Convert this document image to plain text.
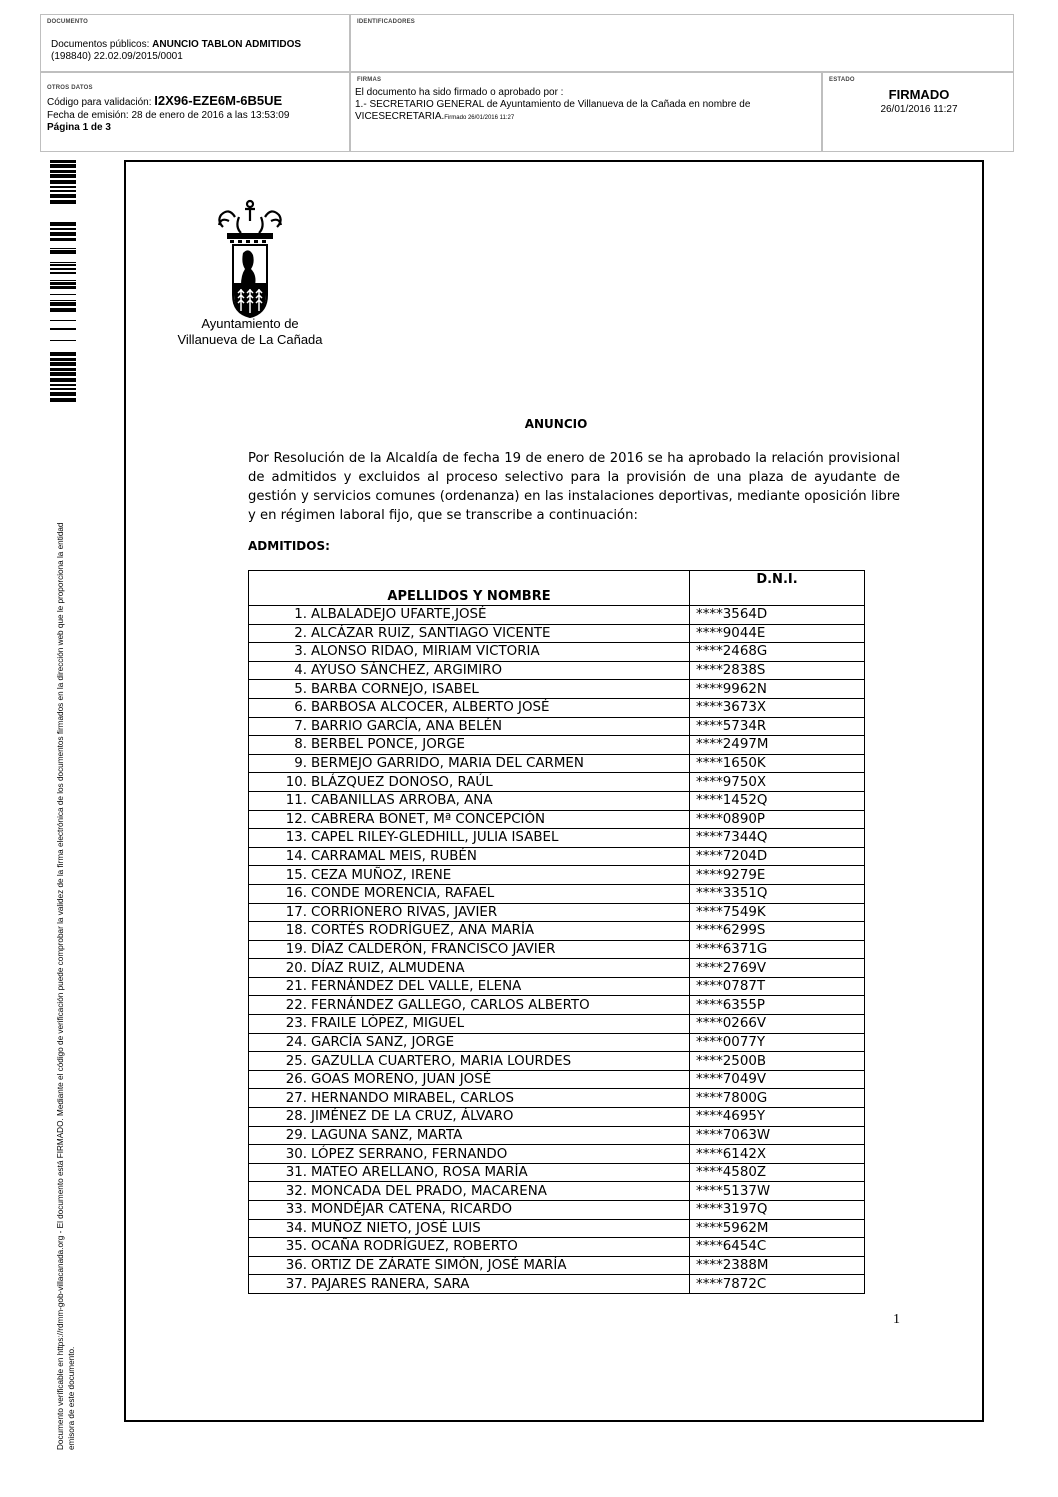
DOCUMENTO
Documentos públicos: ANUNCIO TABLON ADMITIDOS
(198840) 22.02.09/2015/0001
IDENTIFICADORES
OTROS DATOS
Código para validación: I2X96-EZE6M-6B5UE
Fecha de emisión: 28 de enero de 2016 a las 13:53:09
Página 1 de 3
FIRMAS
El documento ha sido firmado o aprobado por :
1.- SECRETARIO GENERAL de Ayuntamiento de Villanueva de la Cañada en nombre de
VICESECRETARIA.Firmado 26/01/2016 11:27
ESTADO
FIRMADO
26/01/2016 11:27
Documento verificable en https://rdmm-gob-villacanada.org - El documento está FIRMADO. Mediante el código de verificación puede comprobar la validez de la firma electrónica de los documentos firmados en la dirección web que le proporciona la entidad emisora de este documento.
Ayuntamiento de
Villanueva de La Cañada
ANUNCIO
Por Resolución de la Alcaldía de fecha 19 de enero de 2016 se ha aprobado la relación provisional de admitidos y excluidos al proceso selectivo para la provisión de una plaza de ayudante de gestión y servicios comunes (ordenanza) en las instalaciones deportivas, mediante oposición libre y en régimen laboral fijo, que se transcribe a continuación:
ADMITIDOS:
APELLIDOS Y NOMBRE	D.N.I.
1. ALBALADEJO UFARTE,JOSÉ	****3564D
2. ALCÁZAR RUIZ, SANTIAGO VICENTE	****9044E
3. ALONSO RIDAO, MIRIAM VICTORIA	****2468G
4. AYUSO SÁNCHEZ, ARGIMIRO	****2838S
5. BARBA CORNEJO, ISABEL	****9962N
6. BARBOSA ALCOCER, ALBERTO JOSÉ	****3673X
7. BARRIO GARCÍA, ANA BELÉN	****5734R
8. BERBEL PONCE, JORGE	****2497M
9. BERMEJO GARRIDO, MARIA DEL CARMEN	****1650K
10. BLÁZQUEZ DONOSO, RAÚL	****9750X
11. CABANILLAS ARROBA, ANA	****1452Q
12. CABRERA BONET, Mª CONCEPCIÓN	****0890P
13. CAPEL RILEY-GLEDHILL, JULIA ISABEL	****7344Q
14. CARRAMAL MEIS, RUBÉN	****7204D
15. CEZA MUÑOZ, IRENE	****9279E
16. CONDE MORENCIA, RAFAEL	****3351Q
17. CORRIONERO RIVAS, JAVIER	****7549K
18. CORTÉS RODRÍGUEZ, ANA MARÍA	****6299S
19. DÍAZ CALDERÓN, FRANCISCO JAVIER	****6371G
20. DÍAZ RUIZ, ALMUDENA	****2769V
21. FERNÁNDEZ DEL VALLE, ELENA	****0787T
22. FERNÁNDEZ GALLEGO, CARLOS ALBERTO	****6355P
23. FRAILE LÓPEZ, MIGUEL	****0266V
24. GARCÍA SANZ, JORGE	****0077Y
25. GAZULLA CUARTERO, MARIA LOURDES	****2500B
26. GOAS MORENO, JUAN JOSÉ	****7049V
27. HERNANDO MIRABEL, CARLOS	****7800G
28. JIMÉNEZ DE LA CRUZ, ÁLVARO	****4695Y
29. LAGUNA SANZ, MARTA	****7063W
30. LÓPEZ SERRANO, FERNANDO	****6142X
31. MATEO ARELLANO, ROSA MARÍA	****4580Z
32. MONCADA DEL PRADO, MACARENA	****5137W
33. MONDÉJAR CATENA, RICARDO	****3197Q
34. MUÑOZ NIETO, JOSÉ LUIS	****5962M
35. OCAÑA RODRÍGUEZ, ROBERTO	****6454C
36. ORTIZ DE ZÁRATE SIMÓN, JOSÉ MARÍA	****2388M
37. PAJARES RANERA, SARA	****7872C
1
